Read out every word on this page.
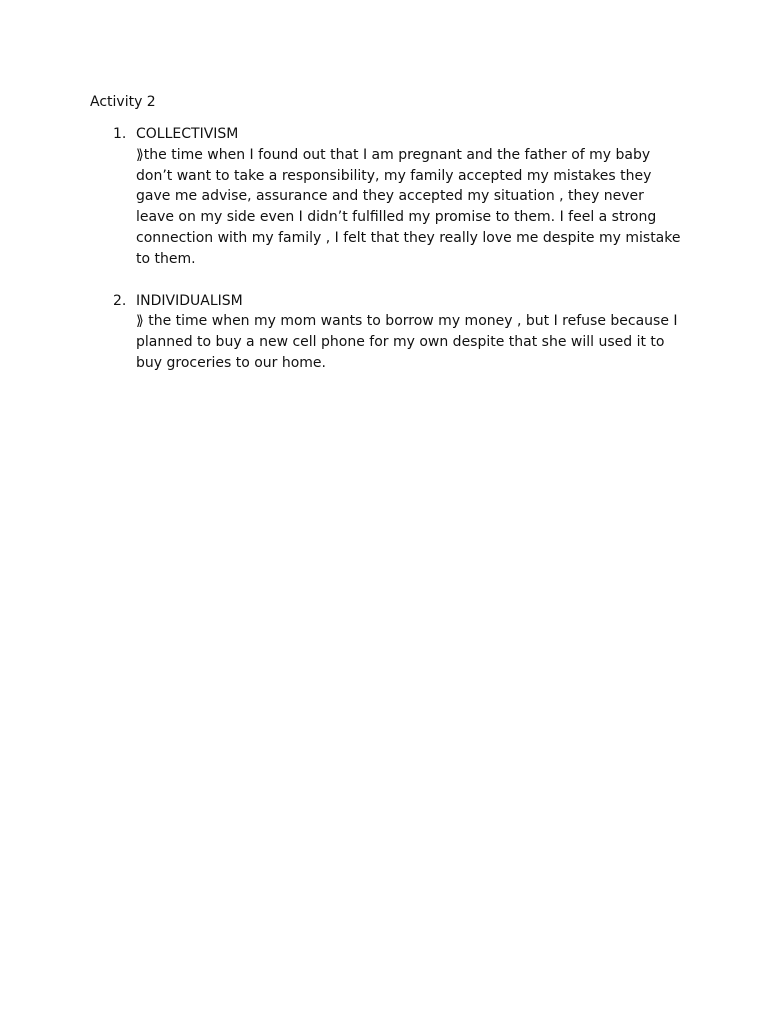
Activity 2
1. COLLECTIVISM
⟫the time when I found out that I am pregnant and the father of my baby don’t want to take a responsibility, my family accepted my mistakes they gave me advise, assurance and they accepted my situation , they never leave on my side even I didn’t fulfilled my promise to them. I feel a strong connection with my family , I felt that they really love me despite my mistake to them.
2. INDIVIDUALISM
⟫ the time when my mom wants to borrow my money , but I refuse because I planned to buy a new cell phone for my own despite that she will used it to buy groceries to our home.
